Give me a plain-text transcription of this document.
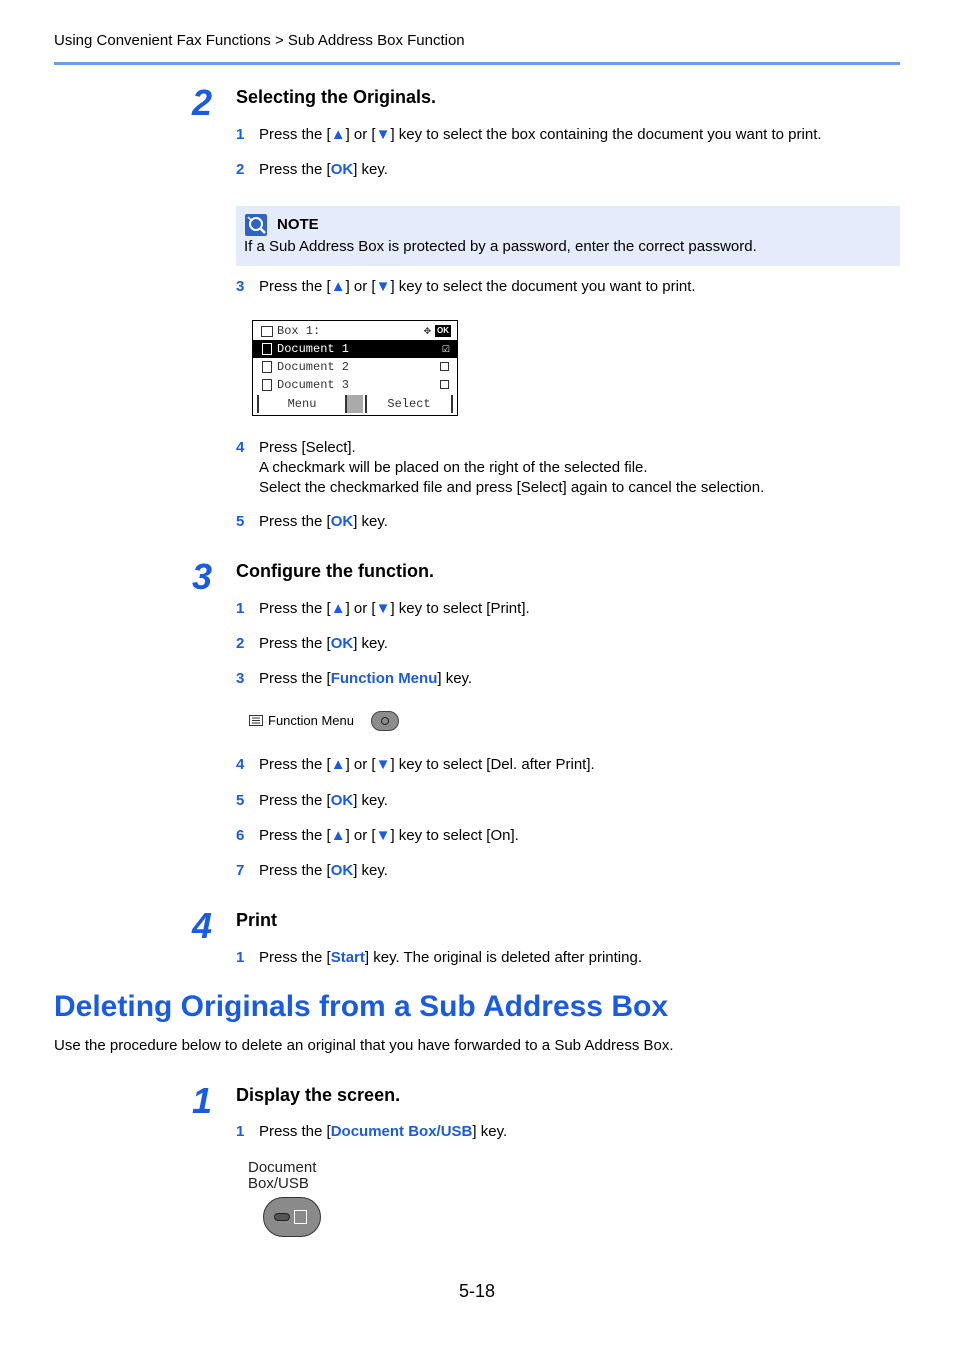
Using Convenient Fax Functions > Sub Address Box Function
2 Selecting the Originals.
1 Press the [▲] or [▼] key to select the box containing the document you want to print.
2 Press the [OK] key.
NOTE
If a Sub Address Box is protected by a password, enter the correct password.
3 Press the [▲] or [▼] key to select the document you want to print.
Box 1:	✥ OK
Document 1	☑
Document 2
Document 3
Menu	Select
4 Press [Select].
A checkmark will be placed on the right of the selected file.
Select the checkmarked file and press [Select] again to cancel the selection.
5 Press the [OK] key.
3 Configure the function.
1 Press the [▲] or [▼] key to select [Print].
2 Press the [OK] key.
3 Press the [Function Menu] key.
Function Menu
4 Press the [▲] or [▼] key to select [Del. after Print].
5 Press the [OK] key.
6 Press the [▲] or [▼] key to select [On].
7 Press the [OK] key.
4 Print
1 Press the [Start] key. The original is deleted after printing.
Deleting Originals from a Sub Address Box
Use the procedure below to delete an original that you have forwarded to a Sub Address Box.
1 Display the screen.
1 Press the [Document Box/USB] key.
Document
Box/USB
5-18
